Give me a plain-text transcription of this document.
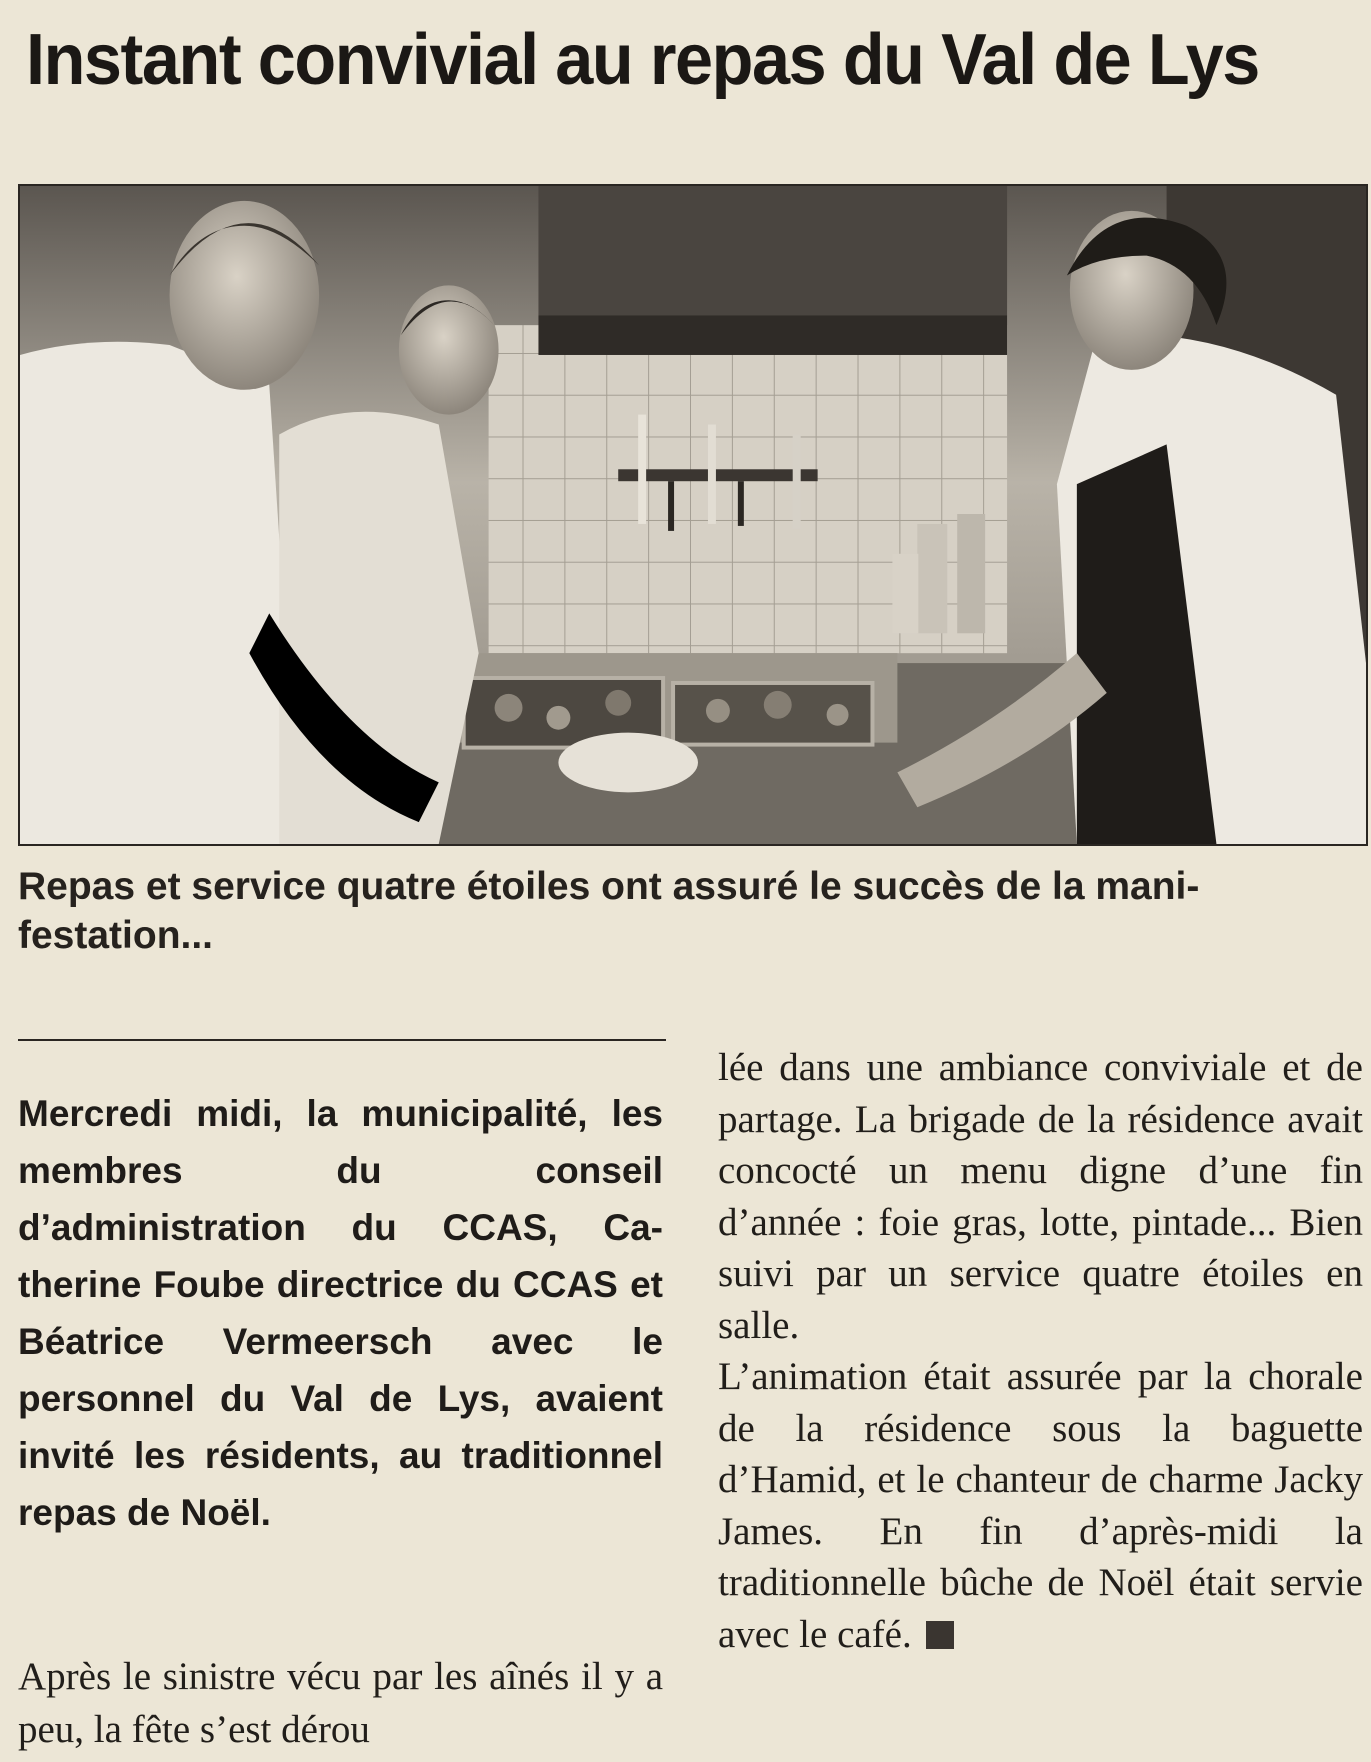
Instant convivial au repas du Val de Lys

Repas et service quatre étoiles ont assuré le succès de la manifestation...

Mercredi midi, la municipalité, les membres du conseil d’administration du CCAS, Catherine Foube directrice du CCAS et Béatrice Vermeersch avec le personnel du Val de Lys, avaient invité les résidents, au traditionnel repas de Noël.

Après le sinistre vécu par les aînés il y a peu, la fête s’est dérou

lée dans une ambiance conviviale et de partage. La brigade de la résidence avait concocté un menu digne d’une fin d’année : foie gras, lotte, pintade... Bien suivi par un service quatre étoiles en salle.
L’animation était assurée par la chorale de la résidence sous la baguette d’Hamid, et le chanteur de charme Jacky James. En fin d’après-midi la traditionnelle bûche de Noël était servie avec le café.
